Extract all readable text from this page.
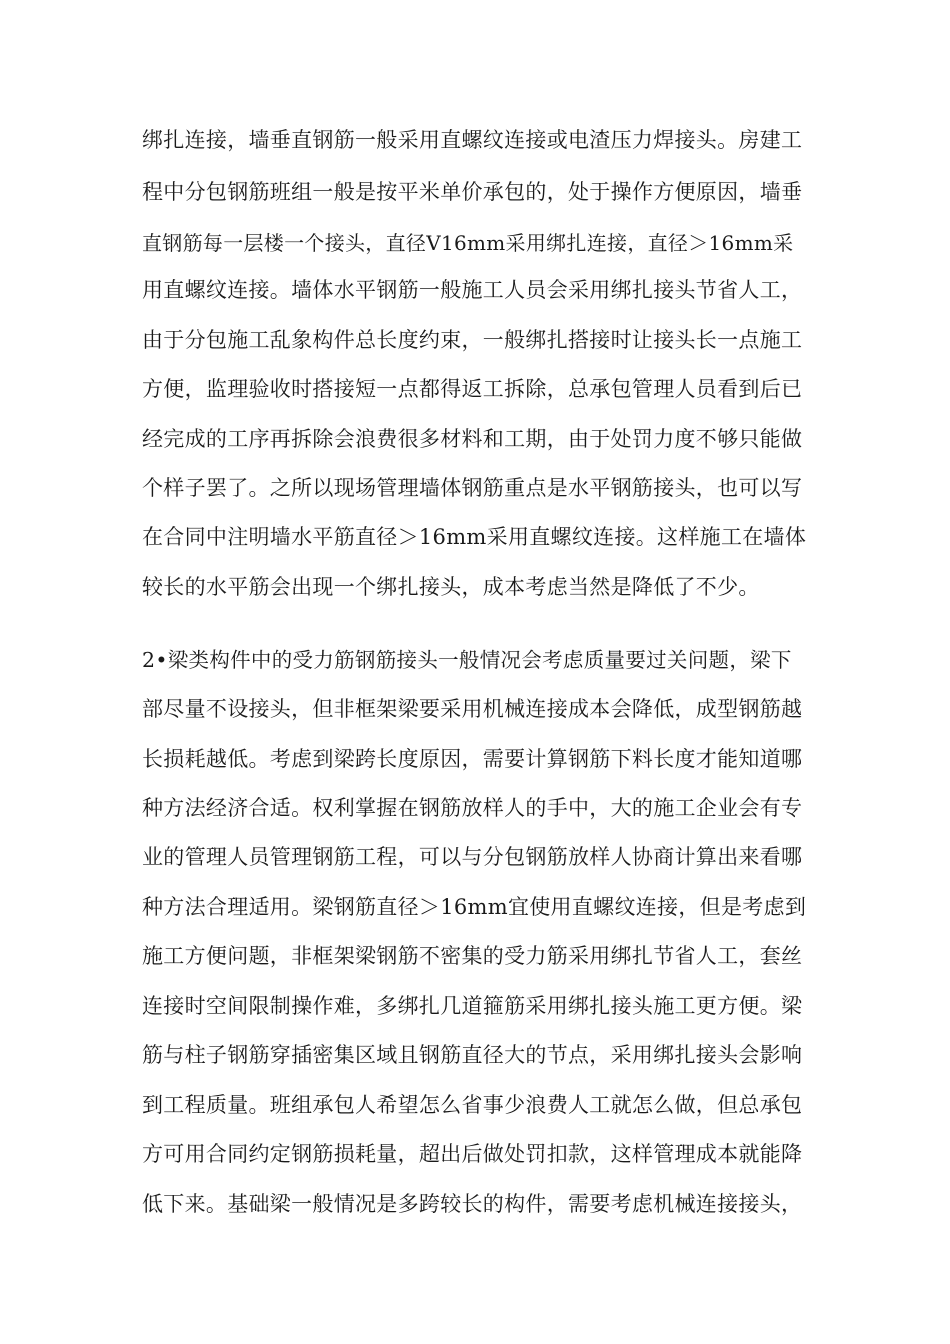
绑扎连接，墙垂直钢筋一般采用直螺纹连接或电渣压力焊接头。房建工
程中分包钢筋班组一般是按平米单价承包的，处于操作方便原因，墙垂
直钢筋每一层楼一个接头，直径V16mm采用绑扎连接，直径＞16mm采
用直螺纹连接。墙体水平钢筋一般施工人员会采用绑扎接头节省人工，
由于分包施工乱象构件总长度约束，一般绑扎搭接时让接头长一点施工
方便，监理验收时搭接短一点都得返工拆除，总承包管理人员看到后已
经完成的工序再拆除会浪费很多材料和工期，由于处罚力度不够只能做
个样子罢了。之所以现场管理墙体钢筋重点是水平钢筋接头，也可以写
在合同中注明墙水平筋直径＞16mm采用直螺纹连接。这样施工在墙体
较长的水平筋会出现一个绑扎接头，成本考虑当然是降低了不少。
2•梁类构件中的受力筋钢筋接头一般情况会考虑质量要过关问题，梁下
部尽量不设接头，但非框架梁要采用机械连接成本会降低，成型钢筋越
长损耗越低。考虑到梁跨长度原因，需要计算钢筋下料长度才能知道哪
种方法经济合适。权利掌握在钢筋放样人的手中，大的施工企业会有专
业的管理人员管理钢筋工程，可以与分包钢筋放样人协商计算出来看哪
种方法合理适用。梁钢筋直径＞16mm宜使用直螺纹连接，但是考虑到
施工方便问题，非框架梁钢筋不密集的受力筋采用绑扎节省人工，套丝
连接时空间限制操作难，多绑扎几道箍筋采用绑扎接头施工更方便。梁
筋与柱子钢筋穿插密集区域且钢筋直径大的节点，采用绑扎接头会影响
到工程质量。班组承包人希望怎么省事少浪费人工就怎么做，但总承包
方可用合同约定钢筋损耗量，超出后做处罚扣款，这样管理成本就能降
低下来。基础梁一般情况是多跨较长的构件，需要考虑机械连接接头，
